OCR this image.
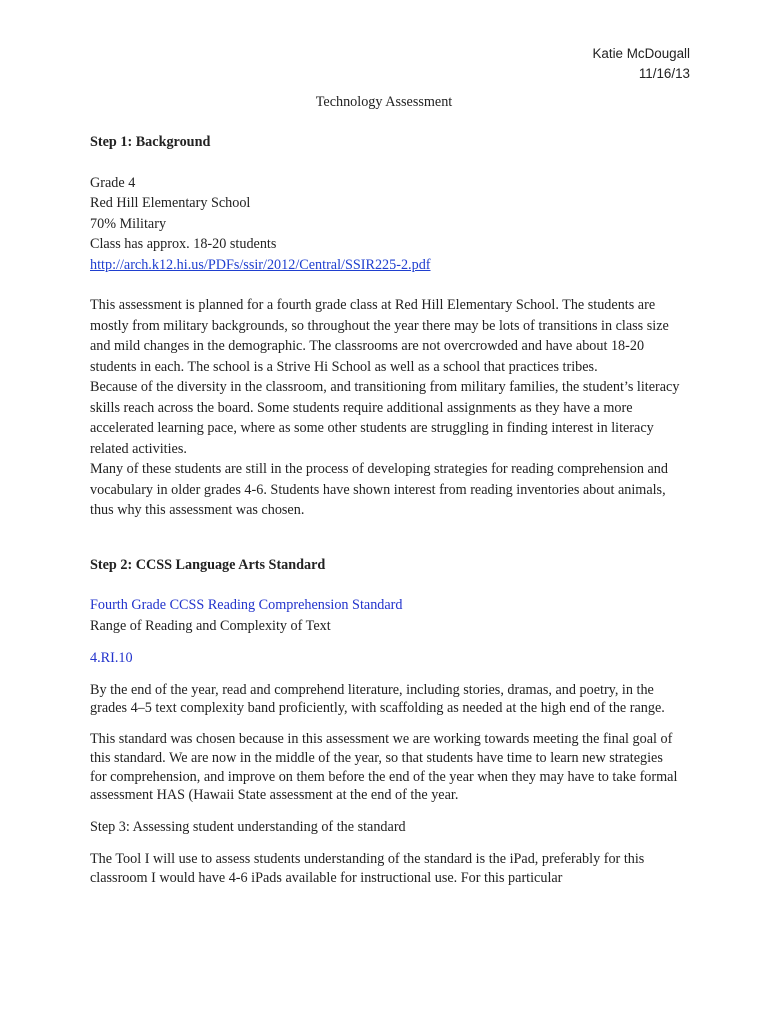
Katie McDougall
11/16/13
Technology Assessment

Step 1: Background

Grade 4

Red Hill Elementary School

70% Military

Class has approx. 18-20 students

http://arch.k12.hi.us/PDFs/ssir/2012/Central/SSIR225-2.pdf

This assessment is planned for a fourth grade class at Red Hill Elementary School. The students are mostly from military backgrounds, so throughout the year there may be lots of transitions in class size and mild changes in the demographic. The classrooms are not overcrowded and have about 18-20 students in each. The school is a Strive Hi School as well as a school that practices tribes.

Because of the diversity in the classroom, and transitioning from military families, the student’s literacy skills reach across the board. Some students require additional assignments as they have a more accelerated learning pace, where as some other students are struggling in finding interest in literacy related activities.

Many of these students are still in the process of developing strategies for reading comprehension and vocabulary in older grades 4-6. Students have shown interest from reading inventories about animals, thus why this assessment was chosen.

Step 2: CCSS Language Arts Standard

Fourth Grade CCSS Reading Comprehension Standard

Range of Reading and Complexity of Text

4.RI.10

By the end of the year, read and comprehend literature, including stories, dramas, and poetry, in the grades 4–5 text complexity band proficiently, with scaffolding as needed at the high end of the range.

This standard was chosen because in this assessment we are working towards meeting the final goal of this standard. We are now in the middle of the year, so that students have time to learn new strategies for comprehension, and improve on them before the end of the year when they may have to take formal assessment HAS (Hawaii State assessment at the end of the year.

Step 3: Assessing student understanding of the standard

The Tool I will use to assess students understanding of the standard is the iPad, preferably for this classroom I would have 4-6 iPads available for instructional use. For this particular
